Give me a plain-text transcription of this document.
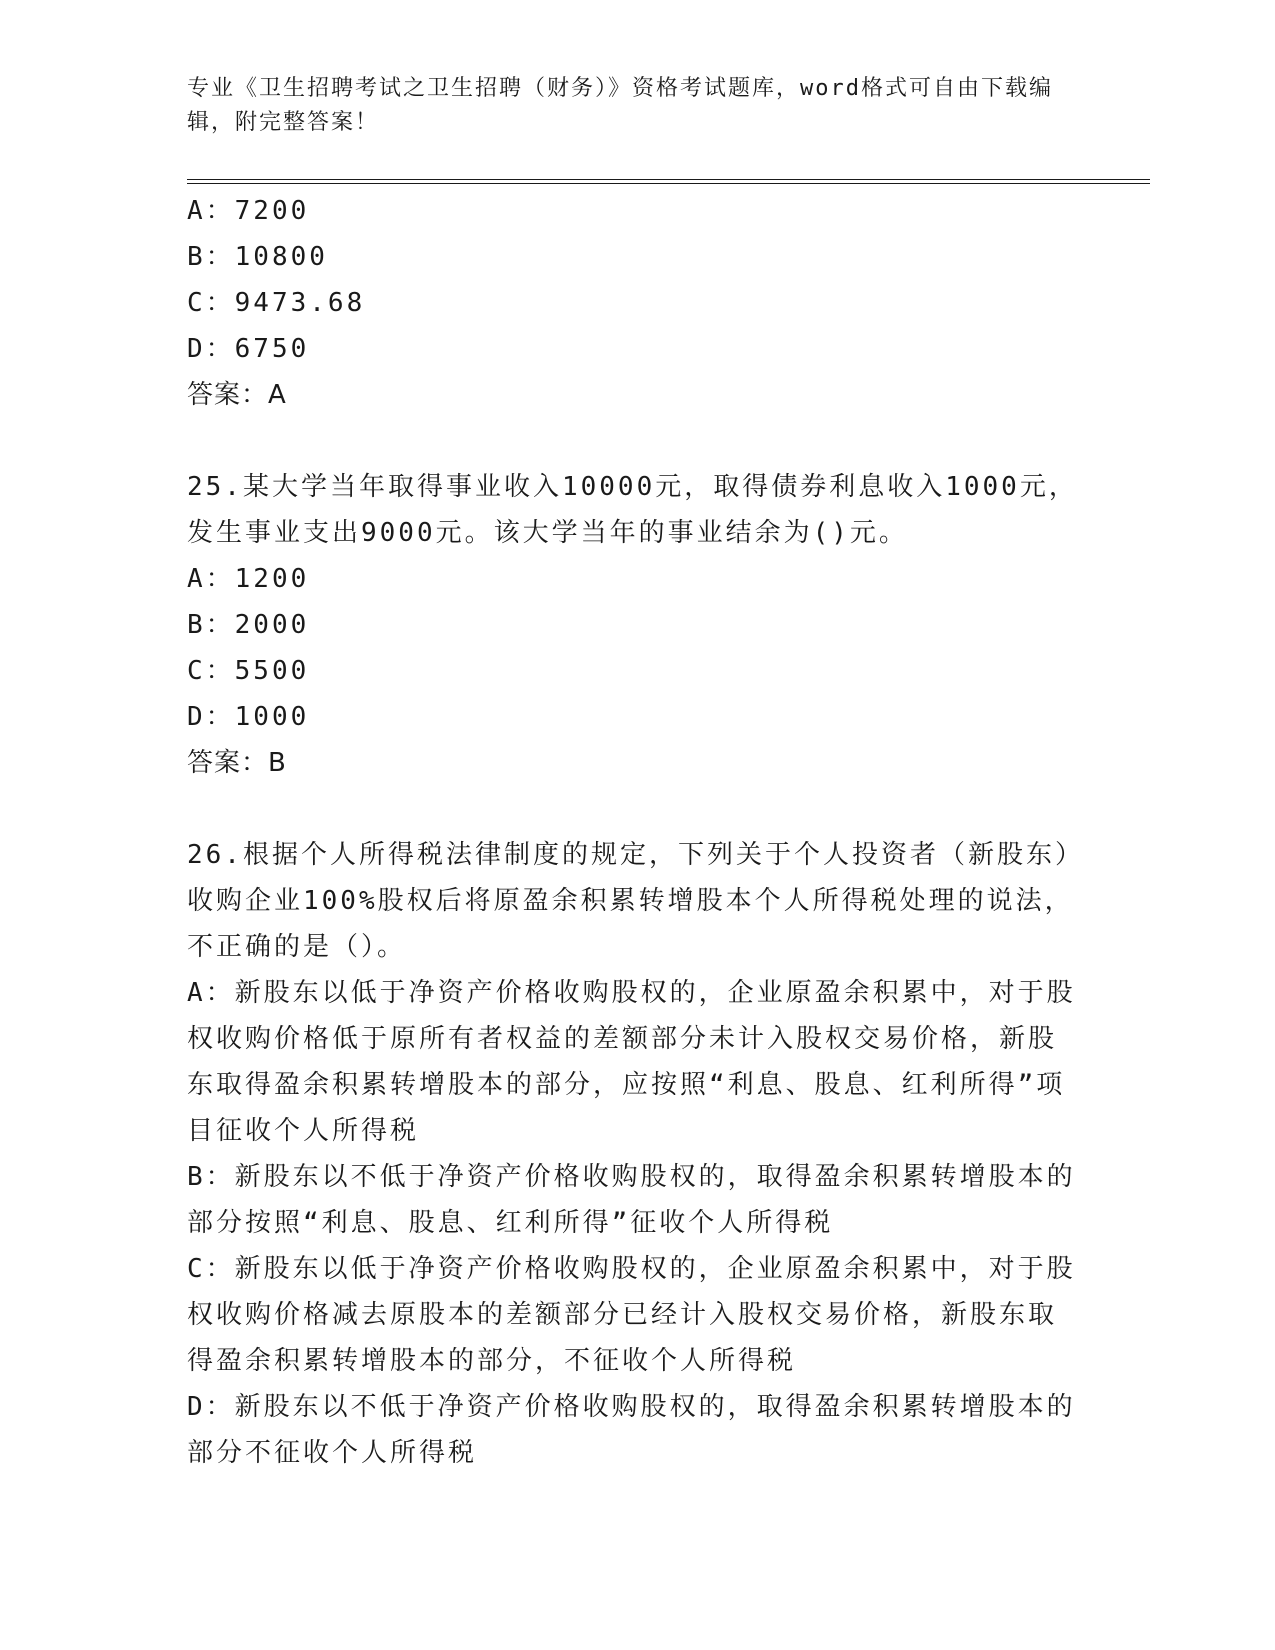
专业《卫生招聘考试之卫生招聘（财务）》资格考试题库，word格式可自由下载编辑，附完整答案！
A：7200
B：10800
C：9473.68
D：6750
答案：A
25.某大学当年取得事业收入10000元，取得债券利息收入1000元，
发生事业支出9000元。该大学当年的事业结余为()元。
A：1200
B：2000
C：5500
D：1000
答案：B
26.根据个人所得税法律制度的规定，下列关于个人投资者（新股东）收购企业100%股权后将原盈余积累转增股本个人所得税处理的说法，不正确的是（）。
A：新股东以低于净资产价格收购股权的，企业原盈余积累中，对于股权收购价格低于原所有者权益的差额部分未计入股权交易价格，新股东取得盈余积累转增股本的部分，应按照“利息、股息、红利所得”项目征收个人所得税
B：新股东以不低于净资产价格收购股权的，取得盈余积累转增股本的部分按照“利息、股息、红利所得”征收个人所得税
C：新股东以低于净资产价格收购股权的，企业原盈余积累中，对于股权收购价格减去原股本的差额部分已经计入股权交易价格，新股东取得盈余积累转增股本的部分，不征收个人所得税
D：新股东以不低于净资产价格收购股权的，取得盈余积累转增股本的部分不征收个人所得税
